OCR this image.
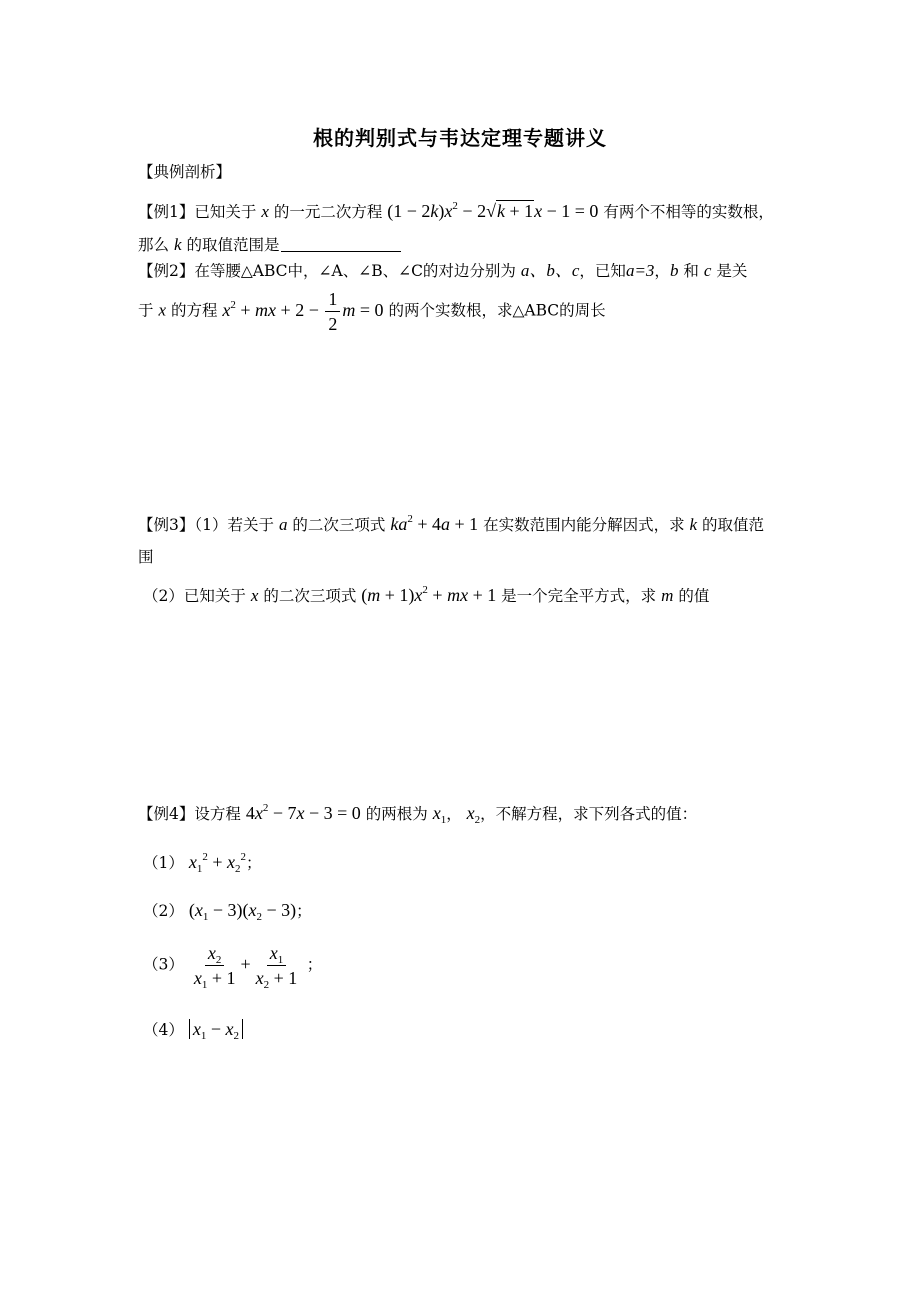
根的判别式与韦达定理专题讲义
【典例剖析】
【例1】已知关于 x 的一元二次方程 $(1 - 2k)x^2 - 2√k + 1x - 1 = 0$ 有两个不相等的实数根，
那么 k 的取值范围是
【例2】在等腰△ABC中，∠A、∠B、∠C的对边分别为 a、b、c，已知a=3，b 和 c 是关
于 x 的方程 $x^2$ + mx + $2 - \frac{1}{2}$ m = 0 的两个实数根，求△ABC的周长
【例3】（1）若关于 a 的二次三项式 $ka^2 + 4a + 1$ 在实数范围内能分解因式，求 k 的取值范
围
（2）已知关于 x 的二次三项式 $(m + 1)x^2$ + mx + 1 是一个完全平方式，求 m 的值
【例4】设方程 $4x^2 - 7x - 3 = 0$ 的两根为 $x_1$， $x_2$，不解方程，求下列各式的值：
（1） $x_1^2 + x_2^2$；
（2） $(x_1 - 3)(x_2 - 3)$；
$(3) \frac{x_2}{x_1 + 1} + \frac{x_1}{x_2 + 1}$ ；
（4） $x_1 - x_2$
